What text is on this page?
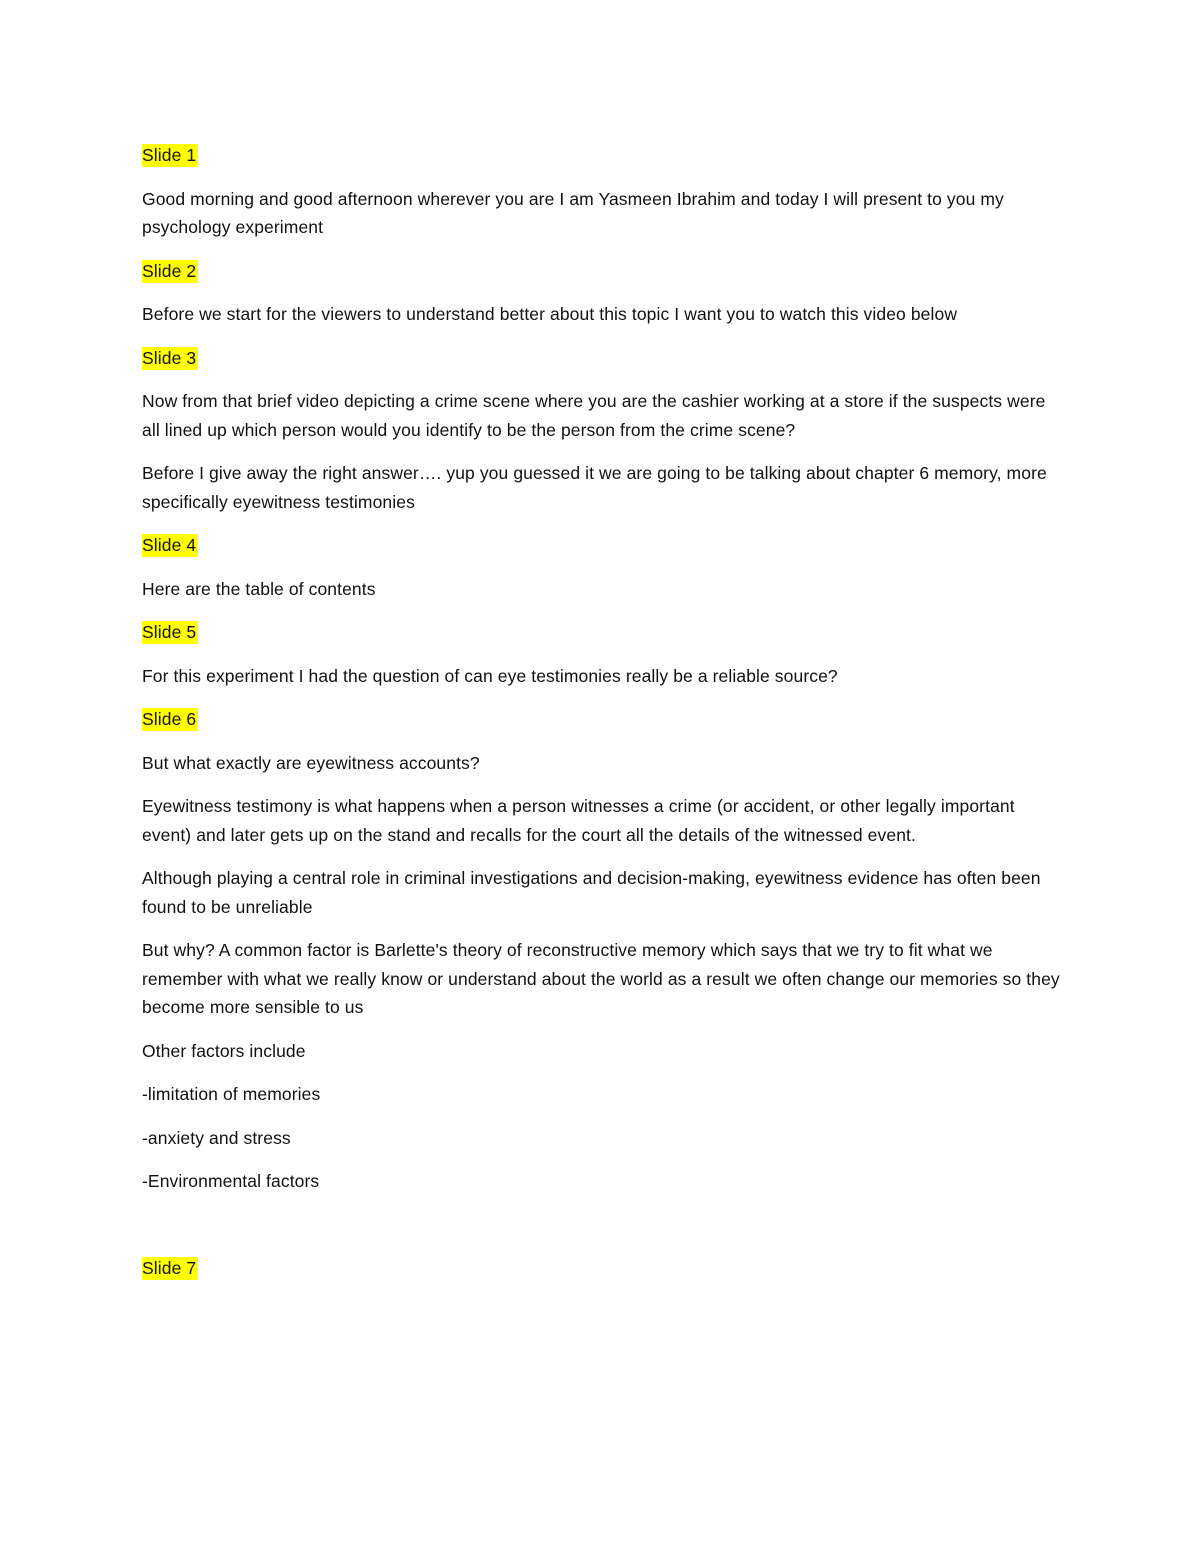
Slide 1
Good morning and good afternoon wherever you are I am Yasmeen Ibrahim and today I will present to you my psychology experiment
Slide 2
Before we start for the viewers to understand better about this topic I want you to watch this video below
Slide 3
Now from that brief video depicting a crime scene where you are the cashier working at a store if the suspects were all lined up which person would you identify to be the person from the crime scene?
Before I give away the right answer…. yup you guessed it we are going to be talking about chapter 6 memory, more specifically eyewitness testimonies
Slide 4
Here are the table of contents
Slide 5
For this experiment I had the question of can eye testimonies really be a reliable source?
Slide 6
But what exactly are eyewitness accounts?
Eyewitness testimony is what happens when a person witnesses a crime (or accident, or other legally important event) and later gets up on the stand and recalls for the court all the details of the witnessed event.
Although playing a central role in criminal investigations and decision-making, eyewitness evidence has often been found to be unreliable
But why? A common factor is Barlette's theory of reconstructive memory which says that we try to fit what we remember with what we really know or understand about the world as a result we often change our memories so they become more sensible to us
Other factors include
-limitation of memories
-anxiety and stress
-Environmental factors
Slide 7
